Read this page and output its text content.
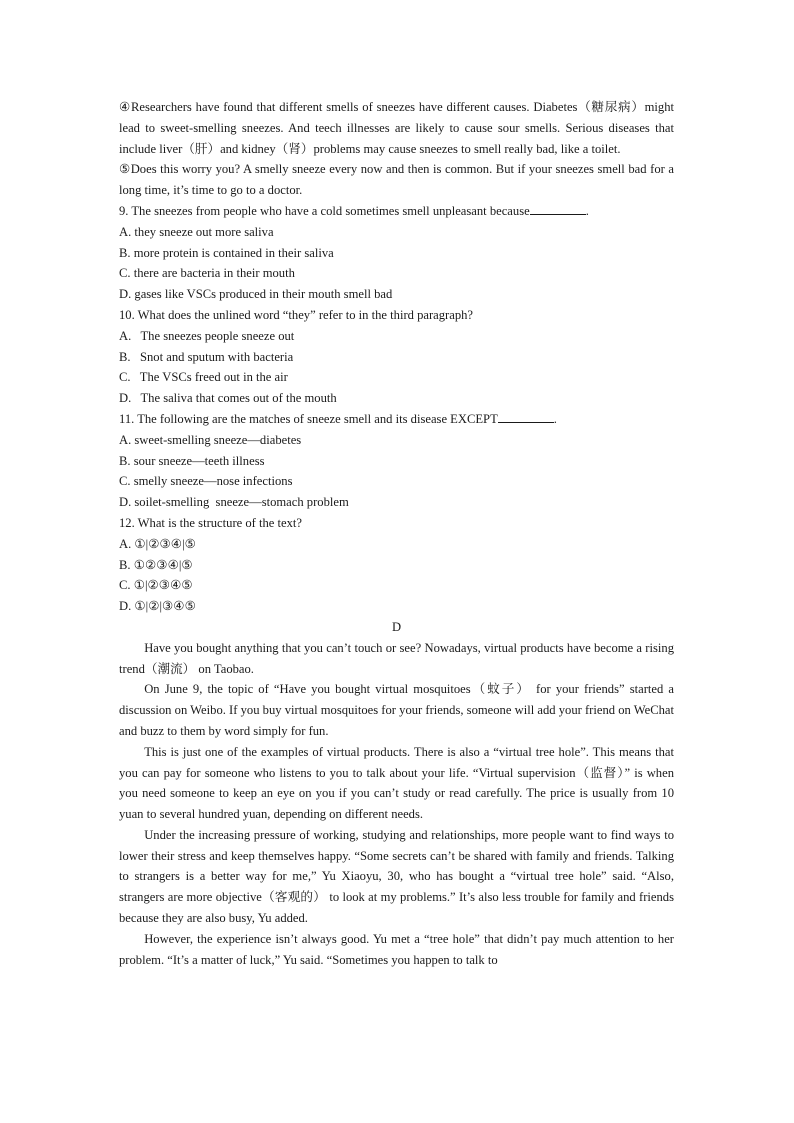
④Researchers have found that different smells of sneezes have different causes. Diabetes（糖尿病）might lead to sweet-smelling sneezes. And teech illnesses are likely to cause sour smells. Serious diseases that include liver（肝）and kidney（肾）problems may cause sneezes to smell really bad, like a toilet.

⑤Does this worry you? A smelly sneeze every now and then is common. But if your sneezes smell bad for a long time, it’s time to go to a doctor.

9. The sneezes from people who have a cold sometimes smell unpleasant because	.

A. they sneeze out more saliva

B. more protein is contained in their saliva

C. there are bacteria in their mouth

D. gases like VSCs produced in their mouth smell bad

10. What does the unlined word “they” refer to in the third paragraph?

A.   The sneezes people sneeze out

B.   Snot and sputum with bacteria

C.   The VSCs freed out in the air

D.   The saliva that comes out of the mouth

11. The following are the matches of sneeze smell and its disease EXCEPT	.

A. sweet-smelling sneeze—diabetes

B. sour sneeze—teeth illness

C. smelly sneeze—nose infections

D. soilet-smelling  sneeze—stomach problem

12. What is the structure of the text?

A. ①|②③④|⑤

B. ①②③④|⑤

C. ①|②③④⑤

D. ①|②|③④⑤

D

Have you bought anything that you can’t touch or see? Nowadays, virtual products have become a rising trend（潮流） on Taobao.

On June 9, the topic of “Have you bought virtual mosquitoes（蚊子） for your friends” started a discussion on Weibo. If you buy virtual mosquitoes for your friends, someone will add your friend on WeChat and buzz to them by word simply for fun.

This is just one of the examples of virtual products. There is also a “virtual tree hole”. This means that you can pay for someone who listens to you to talk about your life. “Virtual supervision（监督）” is when you need someone to keep an eye on you if you can’t study or read carefully. The price is usually from 10 yuan to several hundred yuan, depending on different needs.

Under the increasing pressure of working, studying and relationships, more people want to find ways to lower their stress and keep themselves happy. “Some secrets can’t be shared with family and friends. Talking to strangers is a better way for me,” Yu Xiaoyu, 30, who has bought a “virtual tree hole” said. “Also, strangers are more objective（客观的） to look at my problems.” It’s also less trouble for family and friends because they are also busy, Yu added.

However, the experience isn’t always good. Yu met a “tree hole” that didn’t pay much attention to her problem. “It’s a matter of luck,” Yu said. “Sometimes you happen to talk to
